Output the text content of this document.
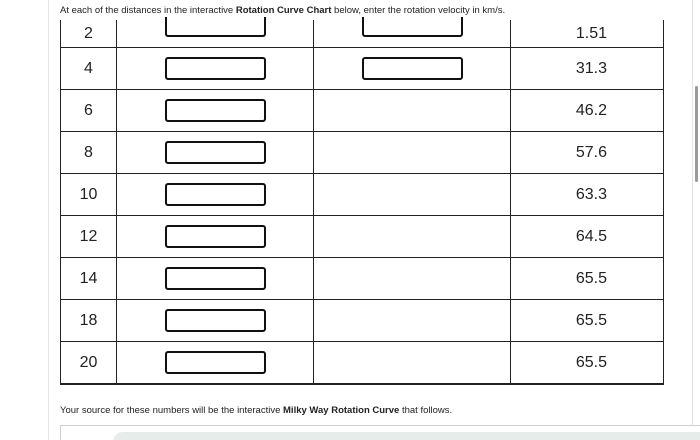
2			1.51
4			31.3
6			46.2
8			57.6
10			63.3
12			64.5
14			65.5
18			65.5
20			65.5
At each of the distances in the interactive Rotation Curve Chart below, enter the rotation velocity in km/s.
Your source for these numbers will be the interactive Milky Way Rotation Curve that follows.
